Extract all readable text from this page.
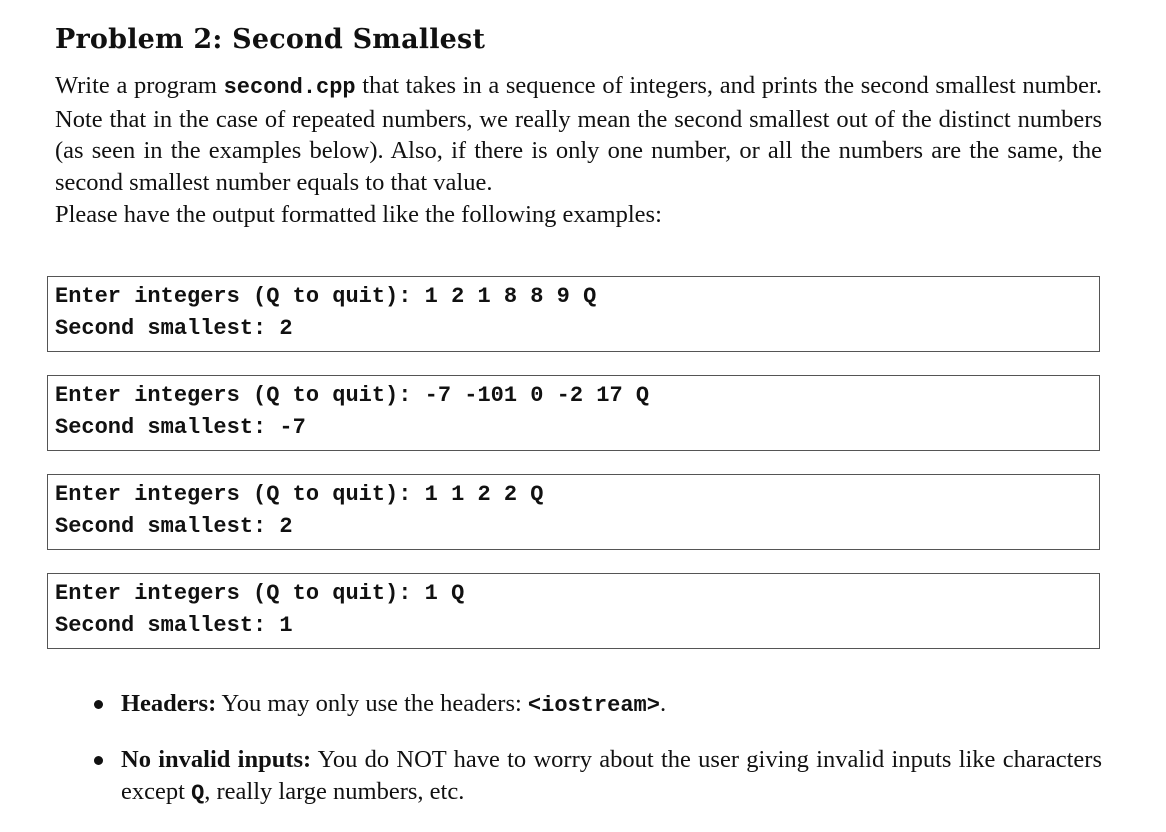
Problem 2: Second Smallest

Write a program second.cpp that takes in a sequence of integers, and prints the second smallest number. Note that in the case of repeated numbers, we really mean the second smallest out of the distinct numbers (as seen in the examples below). Also, if there is only one number, or all the numbers are the same, the second smallest number equals to that value.

Please have the output formatted like the following examples:

Enter integers (Q to quit): 1 2 1 8 8 9 Q
Second smallest: 2
Enter integers (Q to quit): -7 -101 0 -2 17 Q
Second smallest: -7
Enter integers (Q to quit): 1 1 2 2 Q
Second smallest: 2
Enter integers (Q to quit): 1 Q
Second smallest: 1
Headers: You may only use the headers: <iostream>.
No invalid inputs: You do NOT have to worry about the user giving invalid inputs like characters except Q, really large numbers, etc.
